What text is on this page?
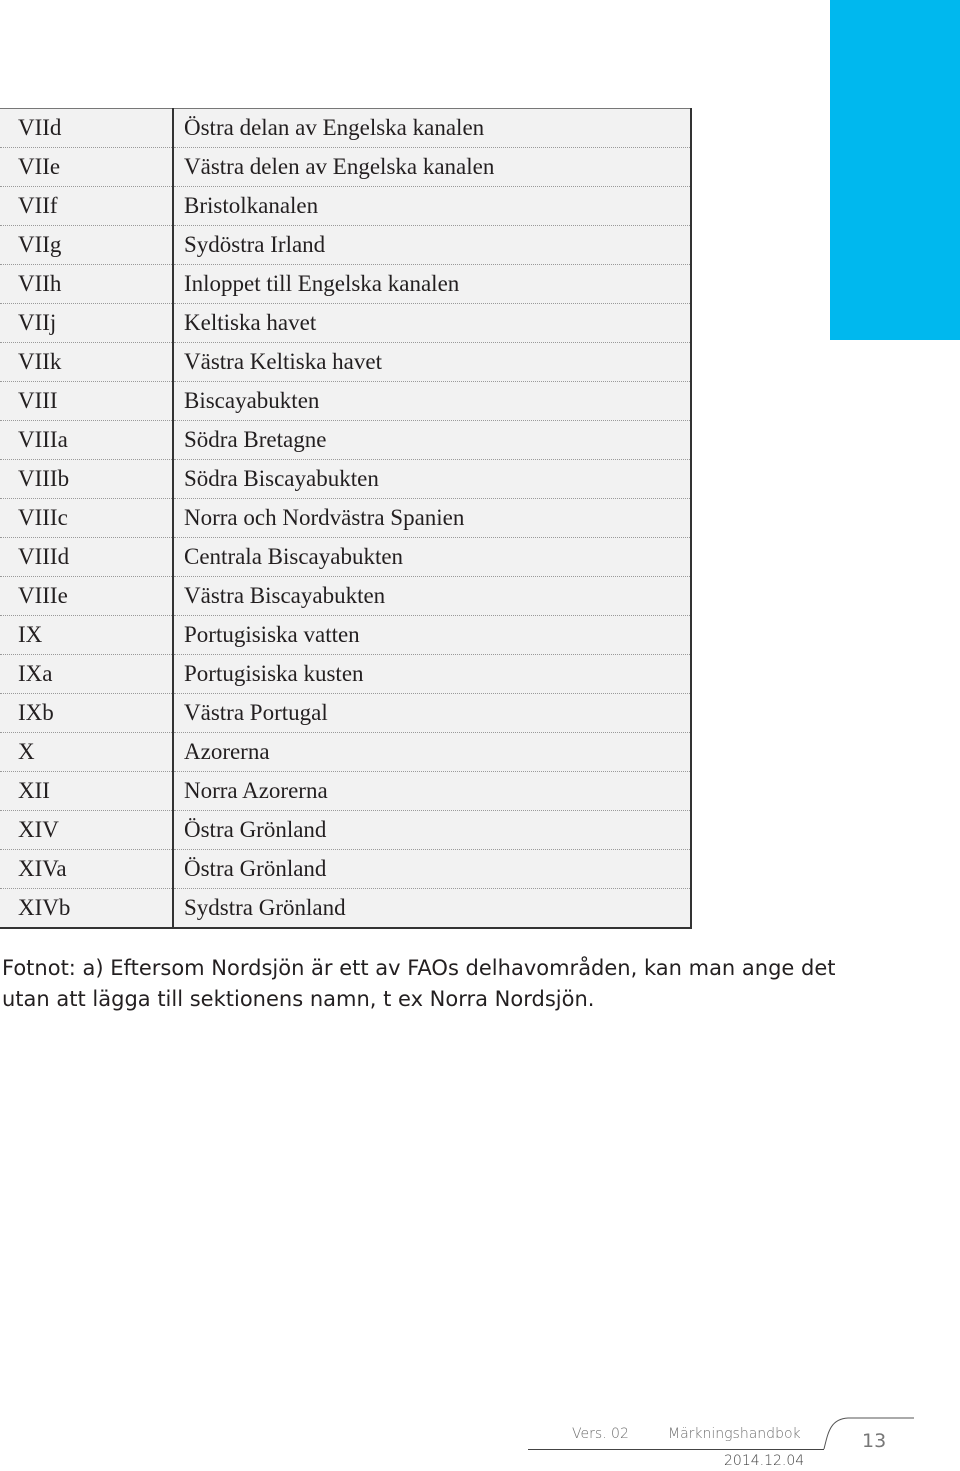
VIId	Östra delan av Engelska kanalen
VIIe	Västra delen av Engelska kanalen
VIIf	Bristolkanalen
VIIg	Sydöstra Irland
VIIh	Inloppet till Engelska kanalen
VIIj	Keltiska havet
VIIk	Västra Keltiska havet
VIII	Biscayabukten
VIIIa	Södra Bretagne
VIIIb	Södra Biscayabukten
VIIIc	Norra och Nordvästra Spanien
VIIId	Centrala Biscayabukten
VIIIe	Västra Biscayabukten
IX	Portugisiska vatten
IXa	Portugisiska kusten
IXb	Västra Portugal
X	Azorerna
XII	Norra Azorerna
XIV	Östra Grönland
XIVa	Östra Grönland
XIVb	Sydstra Grönland
Fotnot: a) Eftersom Nordsjön är ett av FAOs delhavområden, kan man ange det utan att lägga till sektionens namn, t ex Norra Nordsjön.
Vers. 02	Märkningshandbok
2014.12.04
13
